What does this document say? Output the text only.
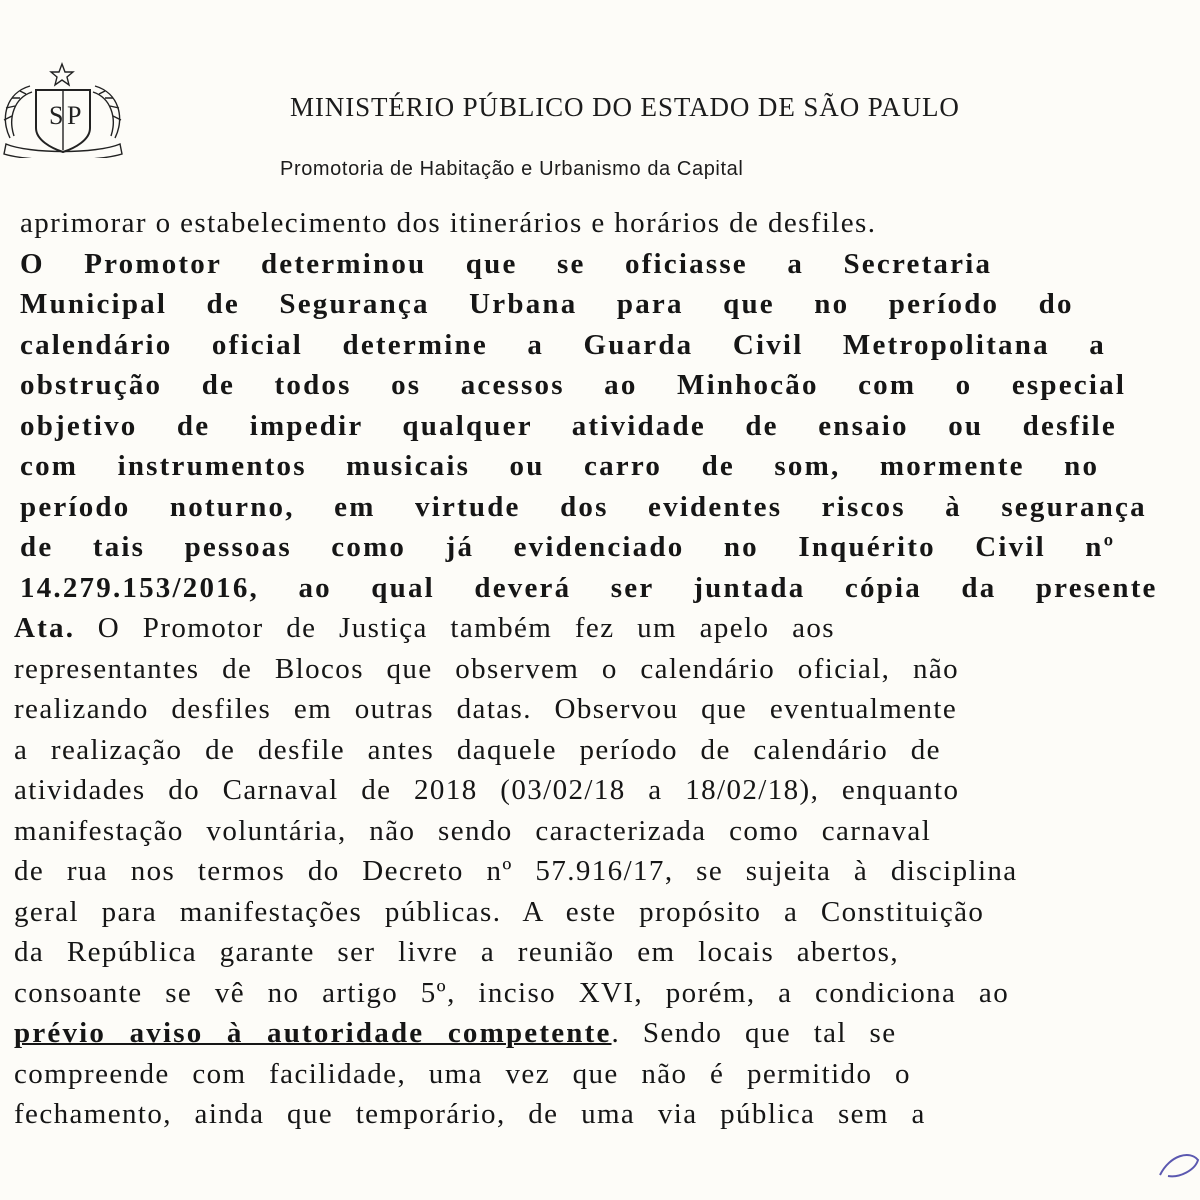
S P	MINISTÉRIO PÚBLICO DO ESTADO DE SÃO PAULO
Promotoria de Habitação e Urbanismo da Capital
aprimorar o estabelecimento dos itinerários e horários de desfiles.
O Promotor determinou que se oficiasse a Secretaria
Municipal de Segurança Urbana para que no período do
calendário oficial determine a Guarda Civil Metropolitana a
obstrução de todos os acessos ao Minhocão com o especial
objetivo de impedir qualquer atividade de ensaio ou desfile
com instrumentos musicais ou carro de som, mormente no
período noturno, em virtude dos evidentes riscos à segurança
de tais pessoas como já evidenciado no Inquérito Civil nº
14.279.153/2016, ao qual deverá ser juntada cópia da presente
Ata. O Promotor de Justiça também fez um apelo aos
representantes de Blocos que observem o calendário oficial, não
realizando desfiles em outras datas. Observou que eventualmente
a realização de desfile antes daquele período de calendário de
atividades do Carnaval de 2018 (03/02/18 a 18/02/18), enquanto
manifestação voluntária, não sendo caracterizada como carnaval
de rua nos termos do Decreto nº 57.916/17, se sujeita à disciplina
geral para manifestações públicas. A este propósito a Constituição
da República garante ser livre a reunião em locais abertos,
consoante se vê no artigo 5º, inciso XVI, porém, a condiciona ao
prévio aviso à autoridade competente. Sendo que tal se
compreende com facilidade, uma vez que não é permitido o
fechamento, ainda que temporário, de uma via pública sem a
